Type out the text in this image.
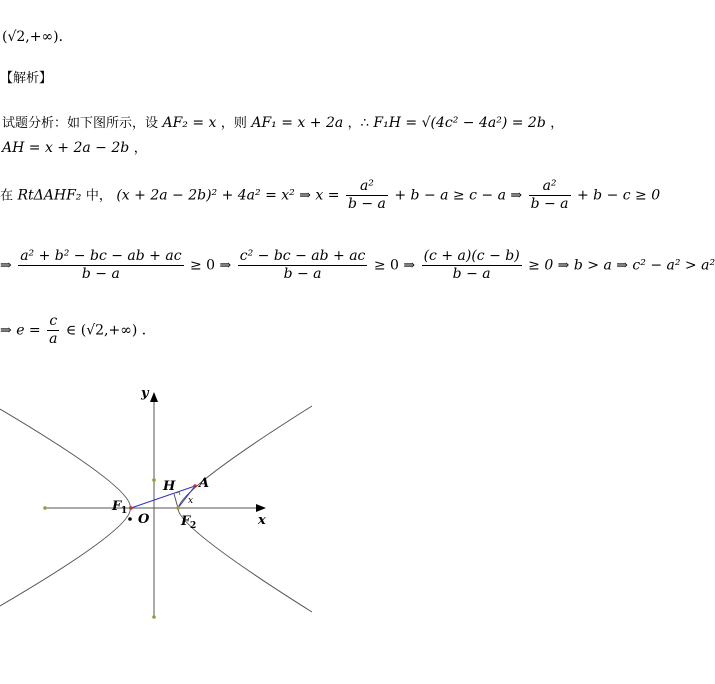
(√2,+∞)．
【解析】
试题分析：如下图所示，设 AF₂ = x ，则 AF₁ = x + 2a ，∴ F₁H = √(4c² − 4a²) = 2b ，
AH = x + 2a − 2b ，
在 RtΔAHF₂ 中， (x + 2a − 2b)² + 4a² = x² ⇒ $x = \frac{\text{a²}}{b - a} + b - a \ge c - a$ ⇒ $\frac{\text{a²}}{b - a} + b - c \ge 0$
⇒ $\frac{\text{a² + b² − bc − ab + ac}}{b - a} \ge 0$ ⇒ $\frac{\text{c² − bc − ab + ac}}{b - a} \ge 0$ ⇒ $\frac{(c + a)(c - b)}{b - a} \ge 0$ ⇒ b > a ⇒ c² − a² > a²
⇒ $e = \frac{c}{a}$ ∈ (√2,+∞) ．
y
x
O
F 1
F 2
H A
x
